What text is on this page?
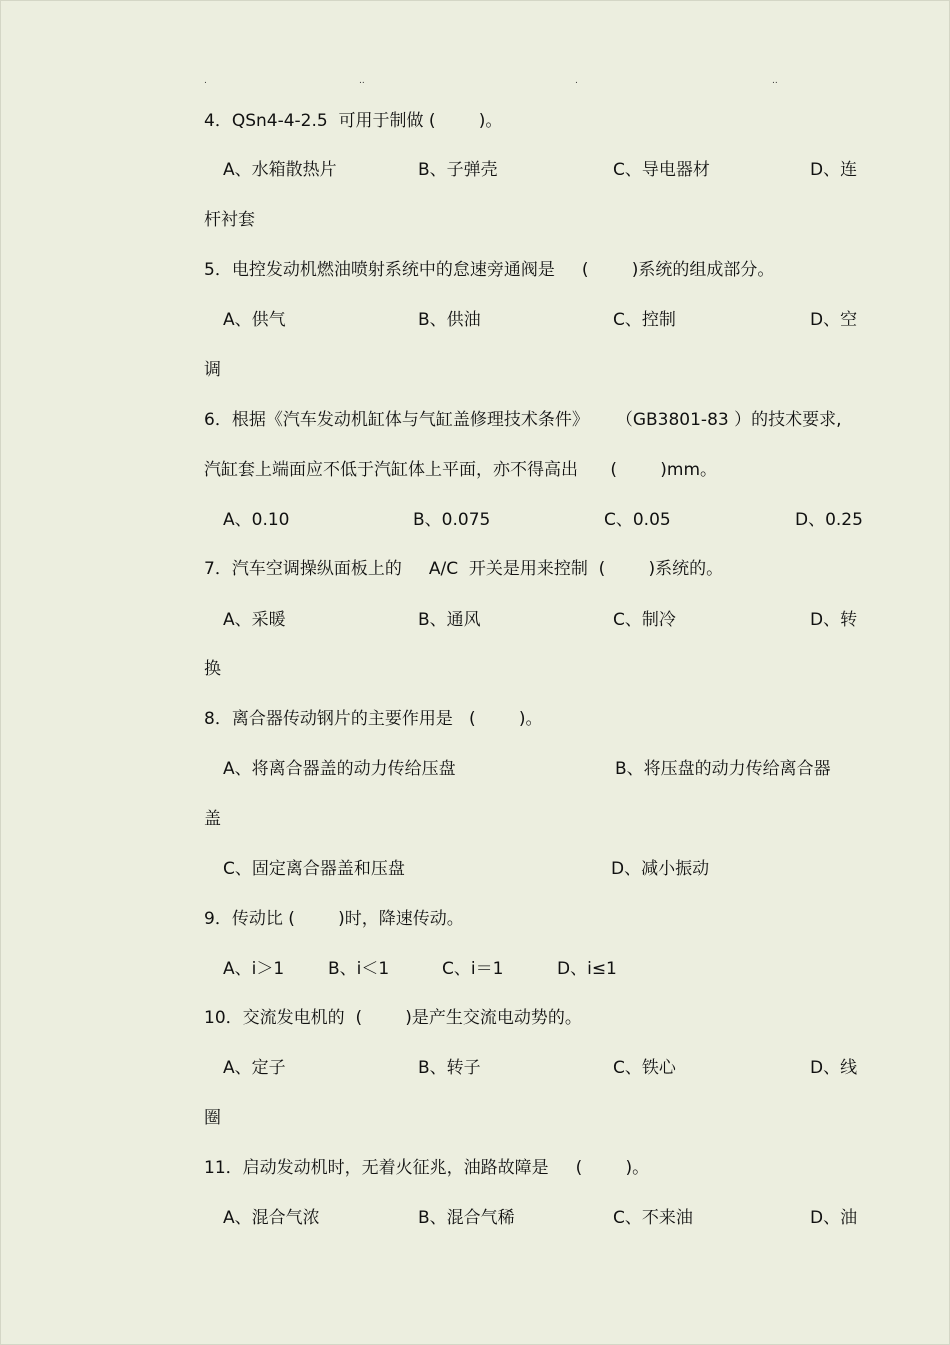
.	..	.	..
4．QSn4-4-2.5  可用于制做 (        )。
A、水箱散热片	B、子弹壳	C、导电器材	D、连
杆衬套
5．电控发动机燃油喷射系统中的怠速旁通阀是     (        )系统的组成部分。
A、供气	B、供油	C、控制	D、空
调
6．根据《汽车发动机缸体与气缸盖修理技术条件》     （GB3801-83 ）的技术要求,
汽缸套上端面应不低于汽缸体上平面，亦不得高出      (        )mm。
A、0.10	B、0.075	C、0.05	D、0.25
7．汽车空调操纵面板上的     A/C  开关是用来控制  (        )系统的。
A、采暖	B、通风	C、制冷	D、转
换
8．离合器传动钢片的主要作用是   (        )。
A、将离合器盖的动力传给压盘	B、将压盘的动力传给离合器
盖
C、固定离合器盖和压盘	D、减小振动
9．传动比 (        )时，降速传动。
A、i＞1	B、i＜1	C、i＝1	D、i≤1
10．交流发电机的  (        )是产生交流电动势的。
A、定子	B、转子	C、铁心	D、线
圈
11．启动发动机时，无着火征兆，油路故障是     (        )。
A、混合气浓	B、混合气稀	C、不来油	D、油
